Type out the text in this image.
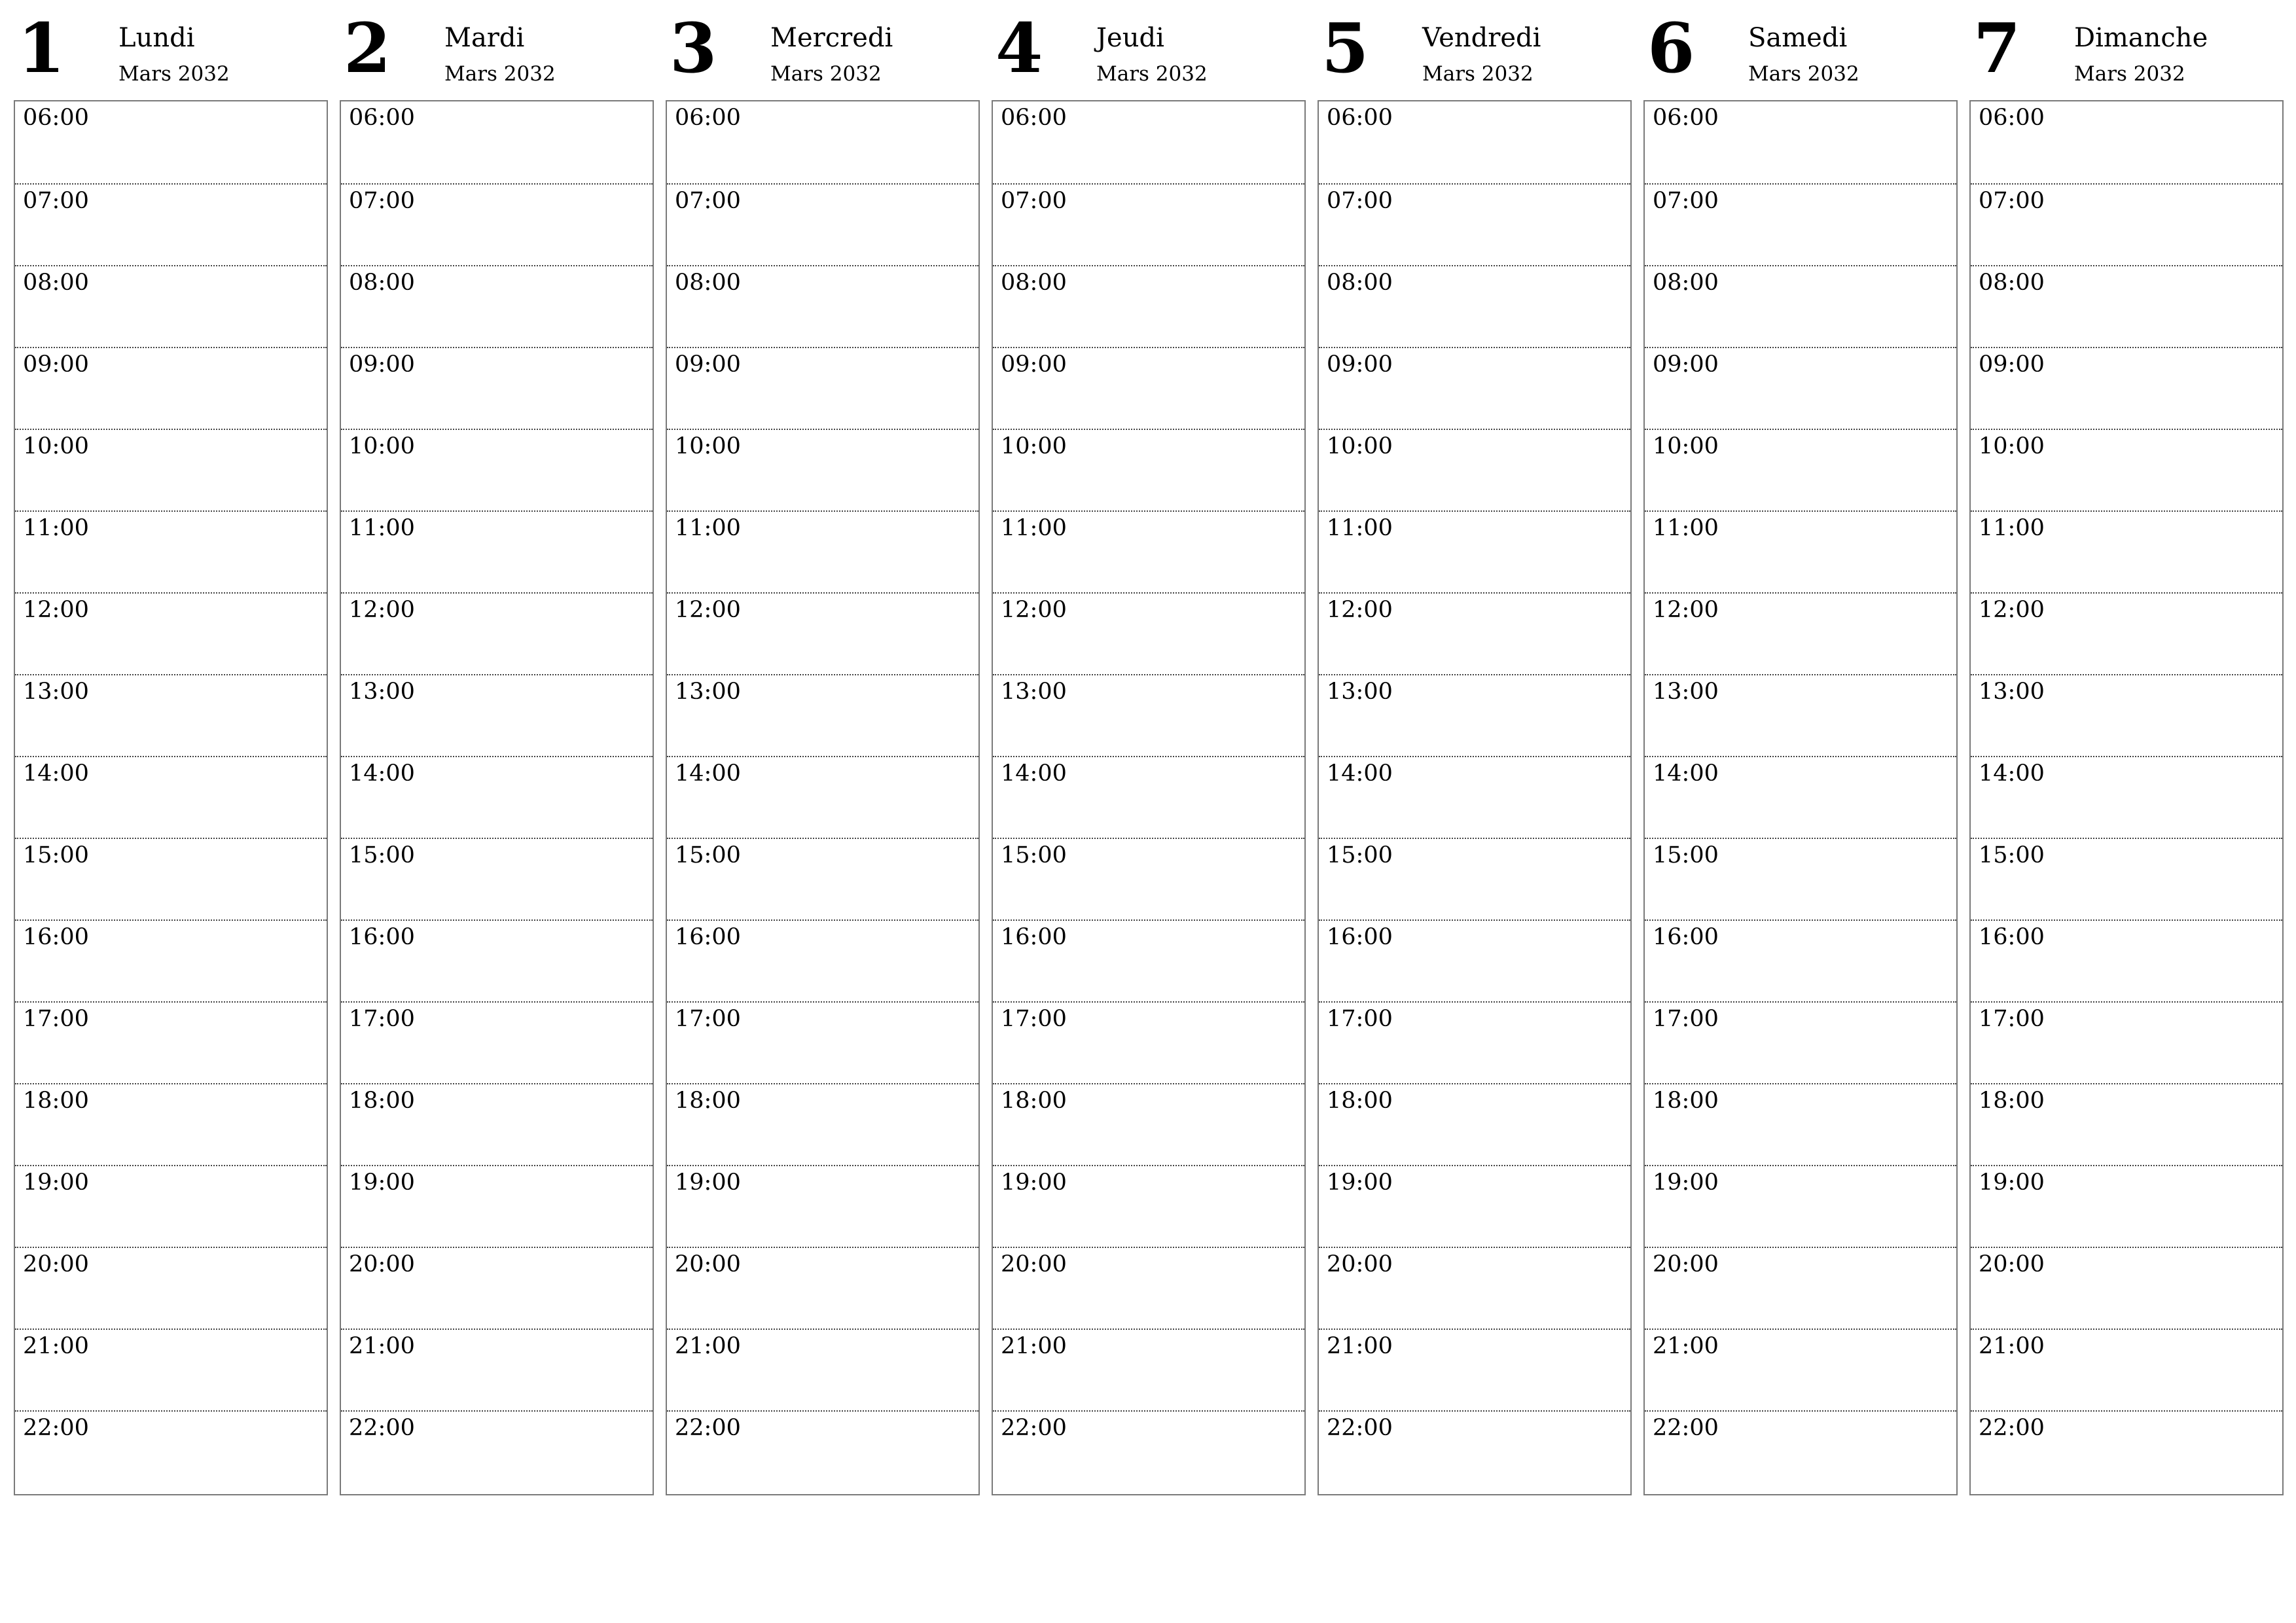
1 Lundi
Mars 2032
06:00
07:00
08:00
09:00
10:00
11:00
12:00
13:00
14:00
15:00
16:00
17:00
18:00
19:00
20:00
21:00
22:00
2 Mardi
Mars 2032
06:00
07:00
08:00
09:00
10:00
11:00
12:00
13:00
14:00
15:00
16:00
17:00
18:00
19:00
20:00
21:00
22:00
3 Mercredi
Mars 2032
06:00
07:00
08:00
09:00
10:00
11:00
12:00
13:00
14:00
15:00
16:00
17:00
18:00
19:00
20:00
21:00
22:00
4 Jeudi
Mars 2032
06:00
07:00
08:00
09:00
10:00
11:00
12:00
13:00
14:00
15:00
16:00
17:00
18:00
19:00
20:00
21:00
22:00
5 Vendredi
Mars 2032
06:00
07:00
08:00
09:00
10:00
11:00
12:00
13:00
14:00
15:00
16:00
17:00
18:00
19:00
20:00
21:00
22:00
6 Samedi
Mars 2032
06:00
07:00
08:00
09:00
10:00
11:00
12:00
13:00
14:00
15:00
16:00
17:00
18:00
19:00
20:00
21:00
22:00
7 Dimanche
Mars 2032
06:00
07:00
08:00
09:00
10:00
11:00
12:00
13:00
14:00
15:00
16:00
17:00
18:00
19:00
20:00
21:00
22:00
